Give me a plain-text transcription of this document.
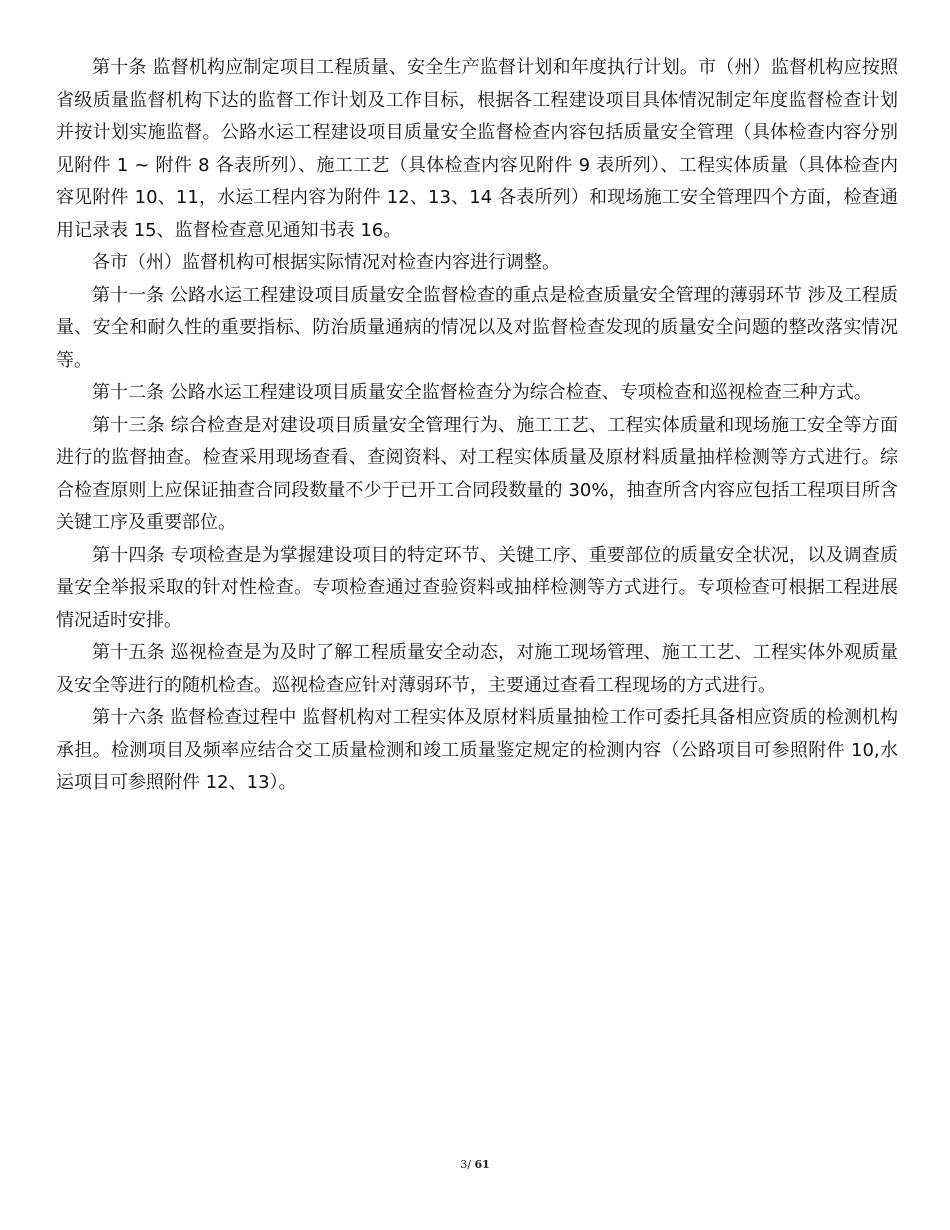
第十条 监督机构应制定项目工程质量、安全生产监督计划和年度执行计划。市（州）监督机构应按照省级质量监督机构下达的监督工作计划及工作目标，根据各工程建设项目具体情况制定年度监督检查计划并按计划实施监督。公路水运工程建设项目质量安全监督检查内容包括质量安全管理（具体检查内容分别见附件 1 ~ 附件 8 各表所列）、施工工艺（具体检查内容见附件 9 表所列）、工程实体质量（具体检查内容见附件 10、11，水运工程内容为附件 12、13、14 各表所列）和现场施工安全管理四个方面，检查通用记录表 15、监督检查意见通知书表 16。

各市（州）监督机构可根据实际情况对检查内容进行调整。

第十一条 公路水运工程建设项目质量安全监督检查的重点是检查质量安全管理的薄弱环节 涉及工程质量、安全和耐久性的重要指标、防治质量通病的情况以及对监督检查发现的质量安全问题的整改落实情况等。

第十二条 公路水运工程建设项目质量安全监督检查分为综合检查、专项检查和巡视检查三种方式。

第十三条 综合检查是对建设项目质量安全管理行为、施工工艺、工程实体质量和现场施工安全等方面进行的监督抽查。检查采用现场查看、查阅资料、对工程实体质量及原材料质量抽样检测等方式进行。综合检查原则上应保证抽查合同段数量不少于已开工合同段数量的 30%，抽查所含内容应包括工程项目所含关键工序及重要部位。

第十四条 专项检查是为掌握建设项目的特定环节、关键工序、重要部位的质量安全状况，以及调查质量安全举报采取的针对性检查。专项检查通过查验资料或抽样检测等方式进行。专项检查可根据工程进展情况适时安排。

第十五条 巡视检查是为及时了解工程质量安全动态，对施工现场管理、施工工艺、工程实体外观质量及安全等进行的随机检查。巡视检查应针对薄弱环节，主要通过查看工程现场的方式进行。

第十六条 监督检查过程中 监督机构对工程实体及原材料质量抽检工作可委托具备相应资质的检测机构承担。检测项目及频率应结合交工质量检测和竣工质量鉴定规定的检测内容（公路项目可参照附件 10,水运项目可参照附件 12、13）。

3/ 61
